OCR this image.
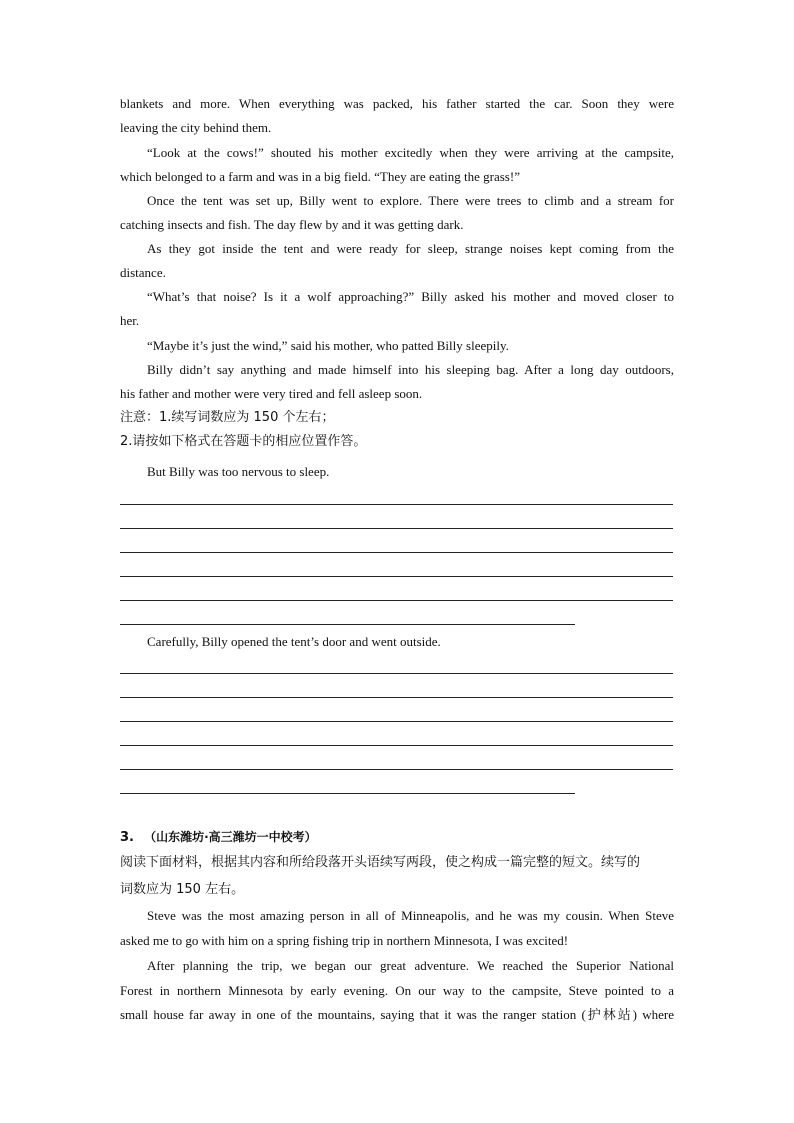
blankets and more. When everything was packed, his father started the car. Soon they were
leaving the city behind them.
“Look at the cows!” shouted his mother excitedly when they were arriving at the campsite,
which belonged to a farm and was in a big field. “They are eating the grass!”
Once the tent was set up, Billy went to explore. There were trees to climb and a stream for
catching insects and fish. The day flew by and it was getting dark.
As they got inside the tent and were ready for sleep, strange noises kept coming from the
distance.
“What’s that noise? Is it a wolf approaching?” Billy asked his mother and moved closer to
her.
“Maybe it’s just the wind,” said his mother, who patted Billy sleepily.
Billy didn’t say anything and made himself into his sleeping bag. After a long day outdoors,
his father and mother were very tired and fell asleep soon.
注意：1.续写词数应为 150 个左右；
2.请按如下格式在答题卡的相应位置作答。
But Billy was too nervous to sleep.
Carefully, Billy opened the tent’s door and went outside.
3. （山东潍坊·高三潍坊一中校考）
阅读下面材料，根据其内容和所给段落开头语续写两段，使之构成一篇完整的短文。续写的
词数应为 150 左右。
Steve was the most amazing person in all of Minneapolis, and he was my cousin. When Steve
asked me to go with him on a spring fishing trip in northern Minnesota, I was excited!
After planning the trip, we began our great adventure. We reached the Superior National
Forest in northern Minnesota by early evening. On our way to the campsite, Steve pointed to a
small house far away in one of the mountains, saying that it was the ranger station (护林站) where
